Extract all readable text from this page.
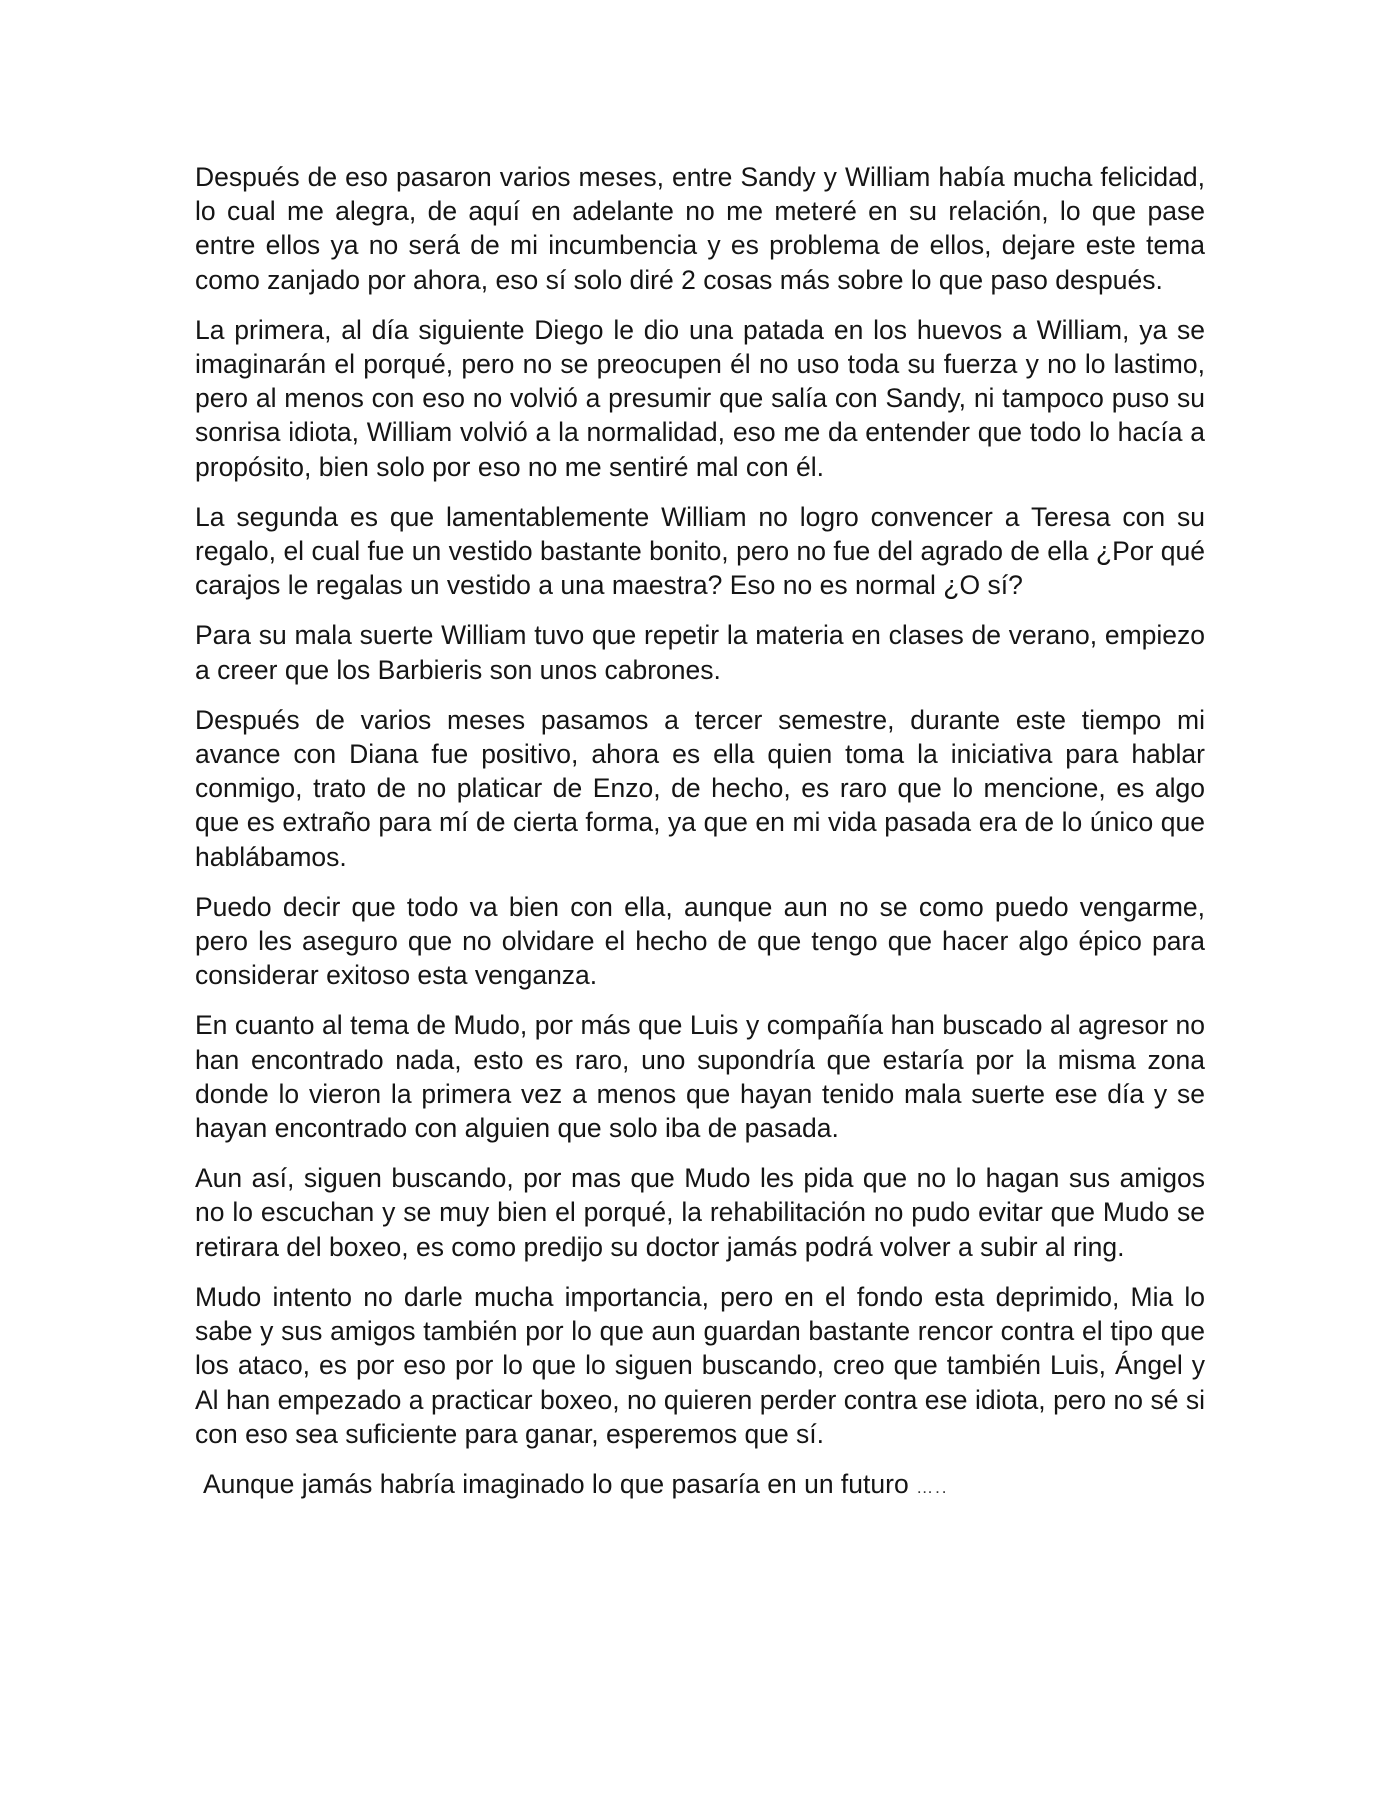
Después de eso pasaron varios meses, entre Sandy y William había mucha felicidad, lo cual me alegra, de aquí en adelante no me meteré en su relación, lo que pase entre ellos ya no será de mi incumbencia y es problema de ellos, dejare este tema como zanjado por ahora, eso sí solo diré 2 cosas más sobre lo que paso después.

La primera, al día siguiente Diego le dio una patada en los huevos a William, ya se imaginarán el porqué, pero no se preocupen él no uso toda su fuerza y no lo lastimo, pero al menos con eso no volvió a presumir que salía con Sandy, ni tampoco puso su sonrisa idiota, William volvió a la normalidad, eso me da entender que todo lo hacía a propósito, bien solo por eso no me sentiré mal con él.

La segunda es que lamentablemente William no logro convencer a Teresa con su regalo, el cual fue un vestido bastante bonito, pero no fue del agrado de ella ¿Por qué carajos le regalas un vestido a una maestra? Eso no es normal ¿O sí?

Para su mala suerte William tuvo que repetir la materia en clases de verano, empiezo a creer que los Barbieris son unos cabrones.

Después de varios meses pasamos a tercer semestre, durante este tiempo mi avance con Diana fue positivo, ahora es ella quien toma la iniciativa para hablar conmigo, trato de no platicar de Enzo, de hecho, es raro que lo mencione, es algo que es extraño para mí de cierta forma, ya que en mi vida pasada era de lo único que hablábamos.

Puedo decir que todo va bien con ella, aunque aun no se como puedo vengarme, pero les aseguro que no olvidare el hecho de que tengo que hacer algo épico para considerar exitoso esta venganza.

En cuanto al tema de Mudo, por más que Luis y compañía han buscado al agresor no han encontrado nada, esto es raro, uno supondría que estaría por la misma zona donde lo vieron la primera vez a menos que hayan tenido mala suerte ese día y se hayan encontrado con alguien que solo iba de pasada.

Aun así, siguen buscando, por mas que Mudo les pida que no lo hagan sus amigos no lo escuchan y se muy bien el porqué, la rehabilitación no pudo evitar que Mudo se retirara del boxeo, es como predijo su doctor jamás podrá volver a subir al ring.

Mudo intento no darle mucha importancia, pero en el fondo esta deprimido, Mia lo sabe y sus amigos también por lo que aun guardan bastante rencor contra el tipo que los ataco, es por eso por lo que lo siguen buscando, creo que también Luis, Ángel y Al han empezado a practicar boxeo, no quieren perder contra ese idiota, pero no sé si con eso sea suficiente para ganar, esperemos que sí.

Aunque jamás habría imaginado lo que pasaría en un futuro …..
